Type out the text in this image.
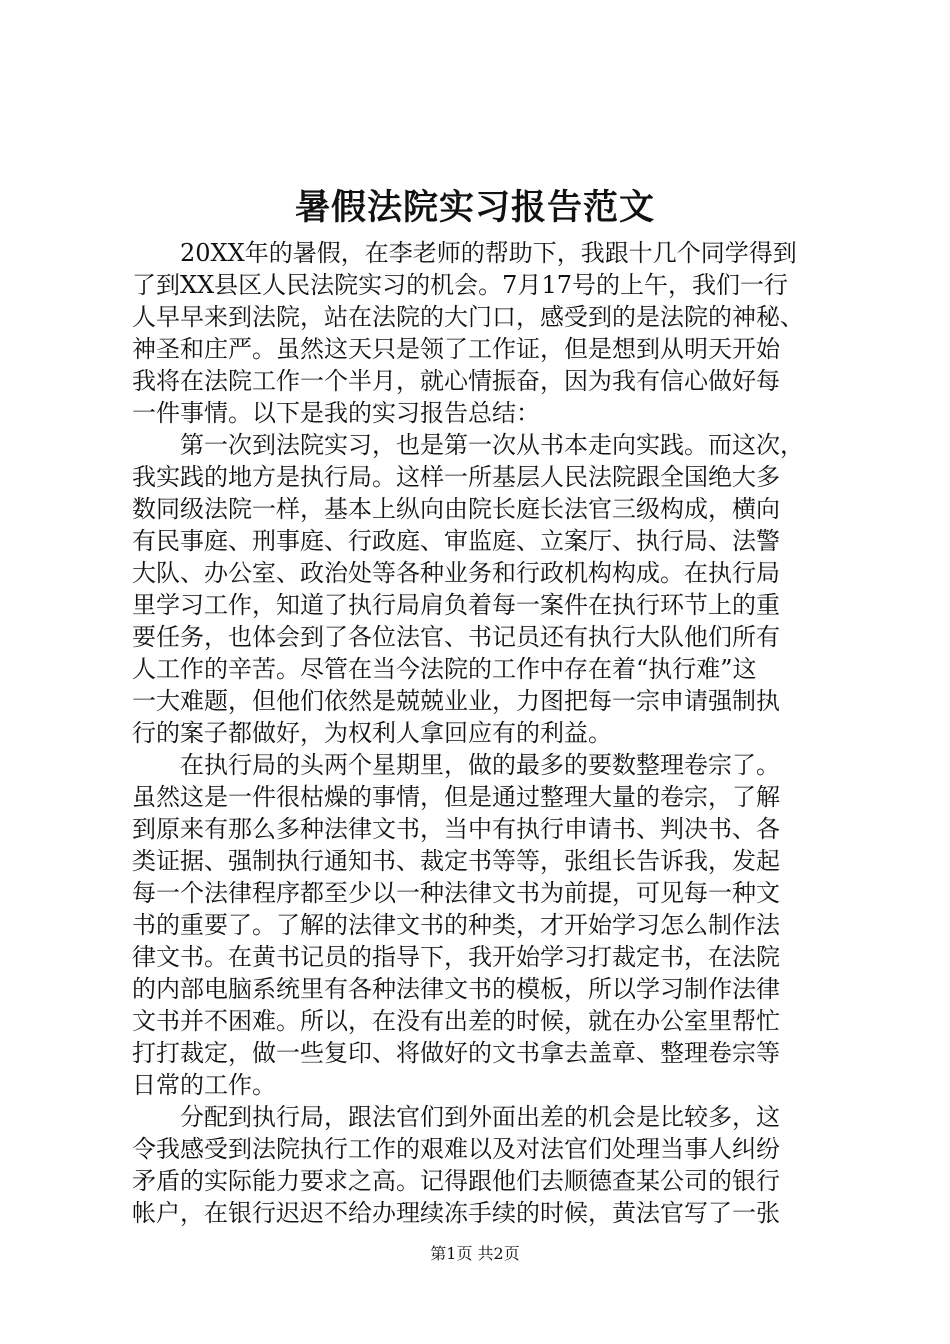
暑假法院实习报告范文
　　20XX年的暑假，在李老师的帮助下，我跟十几个同学得到
了到XX县区人民法院实习的机会。7月17号的上午，我们一行
人早早来到法院，站在法院的大门口，感受到的是法院的神秘、
神圣和庄严。虽然这天只是领了工作证，但是想到从明天开始
我将在法院工作一个半月，就心情振奋，因为我有信心做好每
一件事情。以下是我的实习报告总结：
　　第一次到法院实习，也是第一次从书本走向实践。而这次，
我实践的地方是执行局。这样一所基层人民法院跟全国绝大多
数同级法院一样，基本上纵向由院长庭长法官三级构成，横向
有民事庭、刑事庭、行政庭、审监庭、立案厅、执行局、法警
大队、办公室、政治处等各种业务和行政机构构成。在执行局
里学习工作，知道了执行局肩负着每一案件在执行环节上的重
要任务，也体会到了各位法官、书记员还有执行大队他们所有
人工作的辛苦。尽管在当今法院的工作中存在着“执行难”这
一大难题，但他们依然是兢兢业业，力图把每一宗申请强制执
行的案子都做好，为权利人拿回应有的利益。
　　在执行局的头两个星期里，做的最多的要数整理卷宗了。
虽然这是一件很枯燥的事情，但是通过整理大量的卷宗，了解
到原来有那么多种法律文书，当中有执行申请书、判决书、各
类证据、强制执行通知书、裁定书等等，张组长告诉我，发起
每一个法律程序都至少以一种法律文书为前提，可见每一种文
书的重要了。了解的法律文书的种类，才开始学习怎么制作法
律文书。在黄书记员的指导下，我开始学习打裁定书，在法院
的内部电脑系统里有各种法律文书的模板，所以学习制作法律
文书并不困难。所以，在没有出差的时候，就在办公室里帮忙
打打裁定，做一些复印、将做好的文书拿去盖章、整理卷宗等
日常的工作。
　　分配到执行局，跟法官们到外面出差的机会是比较多，这
令我感受到法院执行工作的艰难以及对法官们处理当事人纠纷
矛盾的实际能力要求之高。记得跟他们去顺德查某公司的银行
帐户，在银行迟迟不给办理续冻手续的时候，黄法官写了一张
第1页 共2页
